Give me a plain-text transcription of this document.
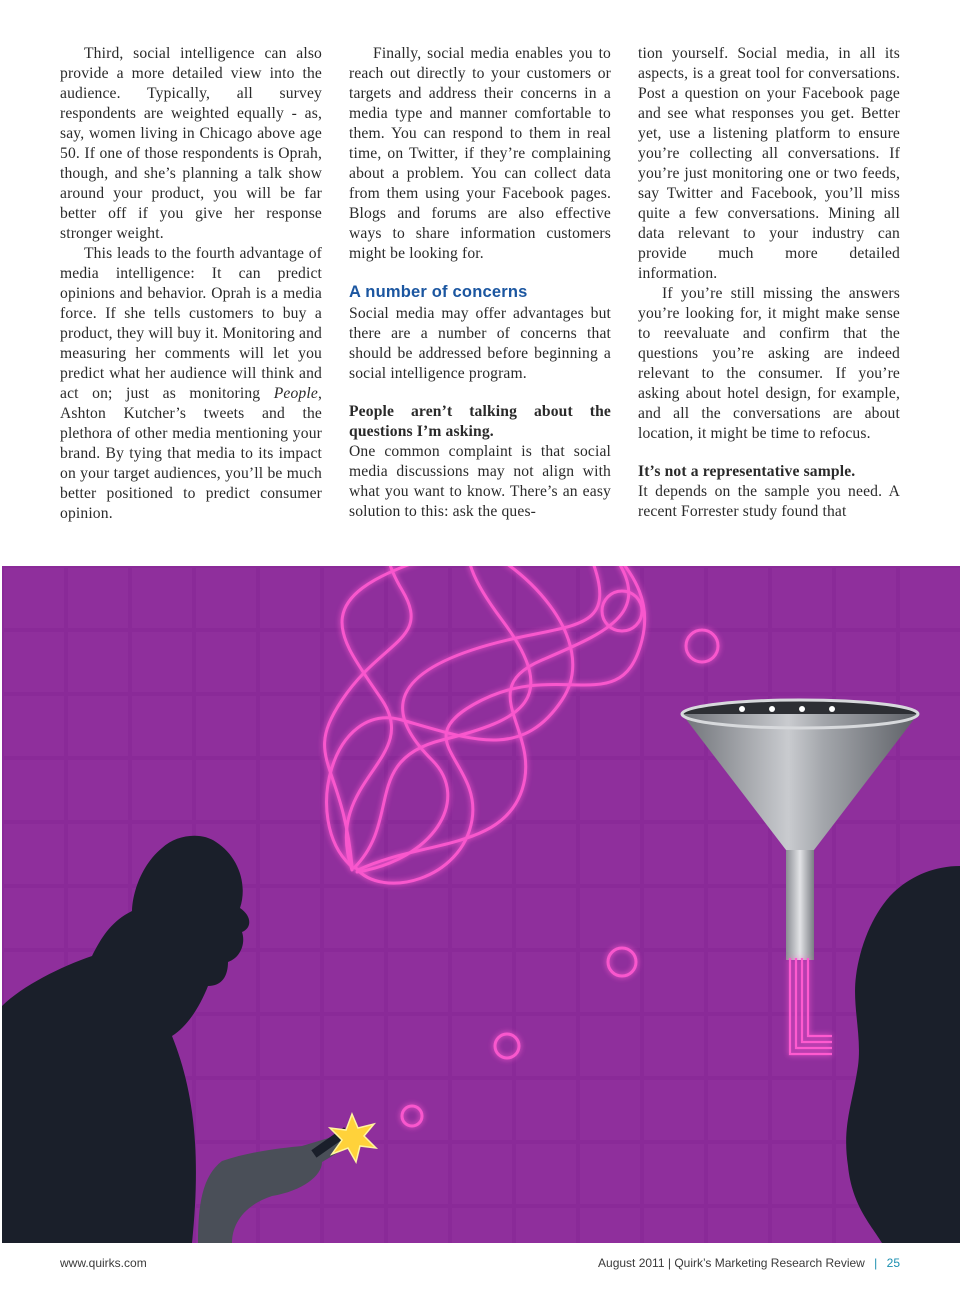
Third, social intelligence can also provide a more detailed view into the audience. Typically, all survey respondents are weighted equally - as, say, women living in Chicago above age 50. If one of those respondents is Oprah, though, and she’s planning a talk show around your product, you will be far better off if you give her response stronger weight.

This leads to the fourth advantage of media intelligence: It can predict opinions and behavior. Oprah is a media force. If she tells customers to buy a product, they will buy it. Monitoring and measuring her comments will let you predict what her audience will think and act on; just as monitoring People, Ashton Kutcher’s tweets and the plethora of other media mentioning your brand. By tying that media to its impact on your target audiences, you’ll be much better positioned to predict consumer opinion.

Finally, social media enables you to reach out directly to your customers or targets and address their concerns in a media type and manner comfortable to them. You can respond to them in real time, on Twitter, if they’re complaining about a problem. You can collect data from them using your Facebook pages. Blogs and forums are also effective ways to share information customers might be looking for.

A number of concerns

Social media may offer advantages but there are a number of concerns that should be addressed before beginning a social intelligence program.

People aren’t talking about the questions I’m asking.

One common complaint is that social media discussions may not align with what you want to know. There’s an easy solution to this: ask the ques-

tion yourself. Social media, in all its aspects, is a great tool for conversations. Post a question on your Facebook page and see what responses you get. Better yet, use a listening platform to ensure you’re collecting all conversations. If you’re just monitoring one or two feeds, say Twitter and Facebook, you’ll miss quite a few conversations. Mining all data relevant to your industry can provide much more detailed information.

If you’re still missing the answers you’re looking for, it might make sense to reevaluate and confirm that the questions you’re asking are indeed relevant to the consumer. If you’re asking about hotel design, for example, and all the conversations are about location, it might be time to refocus.

It’s not a representative sample.

It depends on the sample you need. A recent Forrester study found that

www.quirks.com	August 2011 | Quirk’s Marketing Research Review | 25
